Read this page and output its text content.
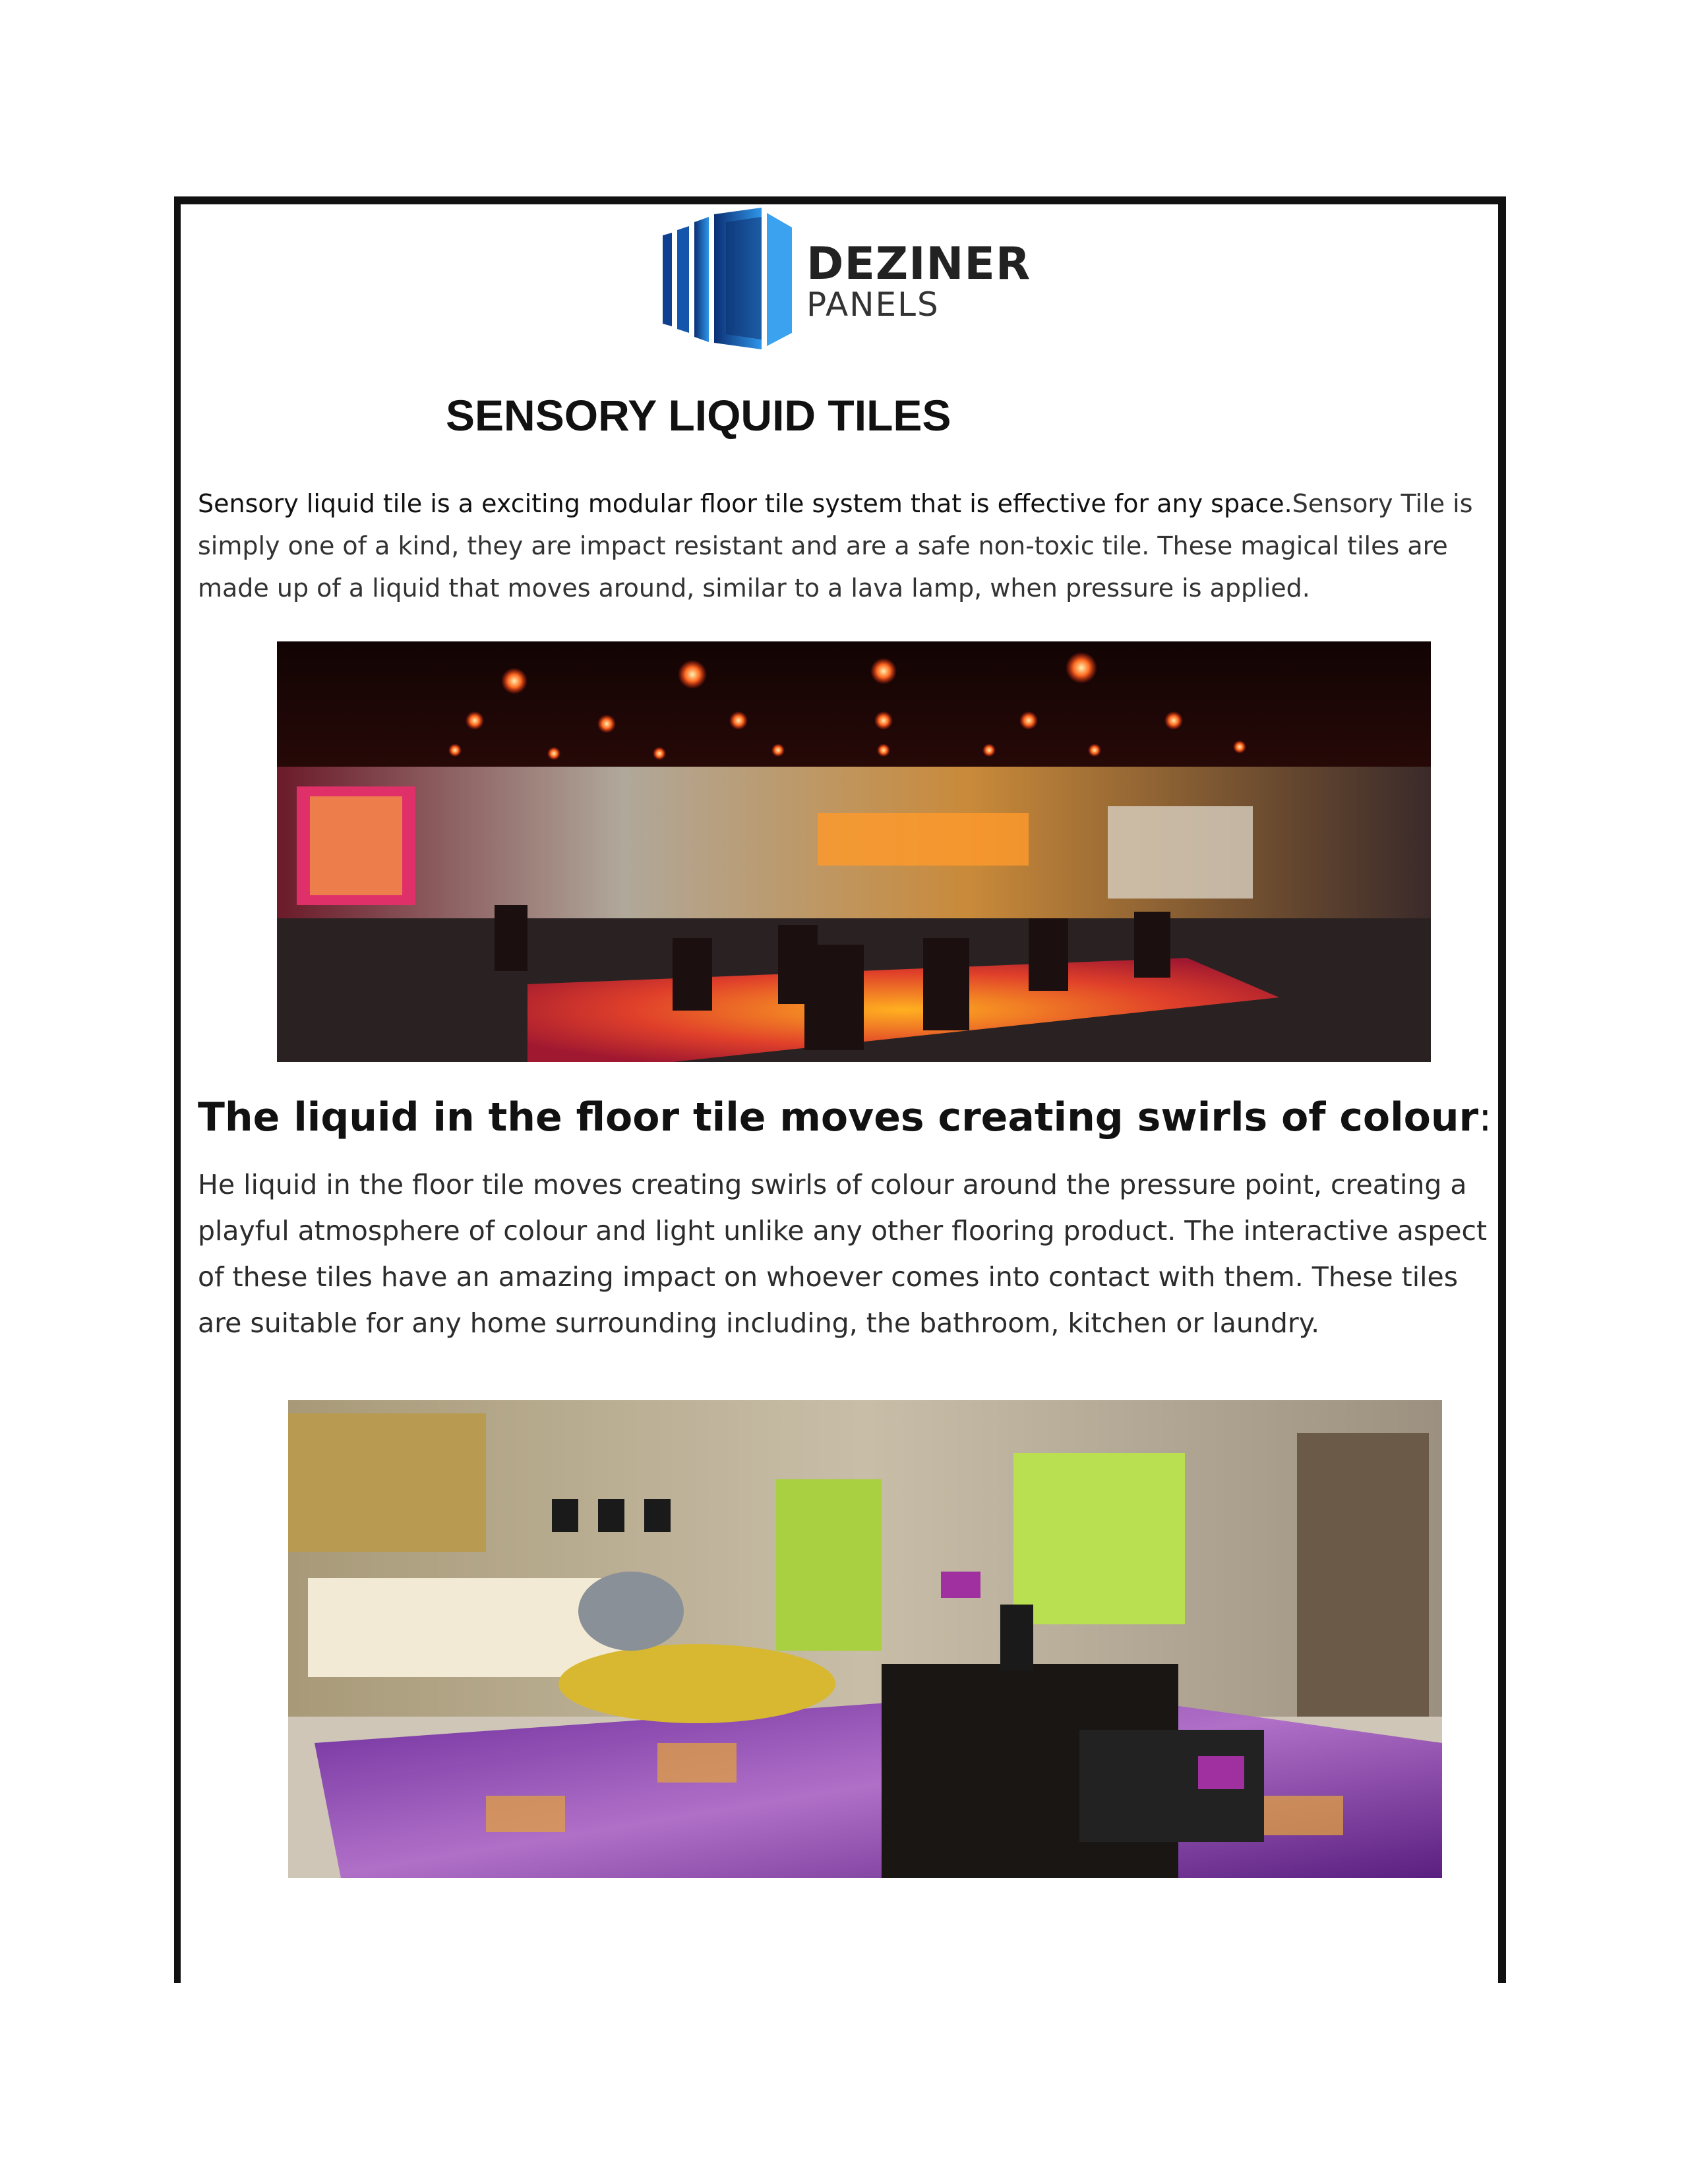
DEZINER
PANELS
SENSORY LIQUID TILES
Sensory liquid tile is a exciting modular floor tile system that is effective for any space.Sensory Tile is simply one of a kind, they are impact resistant and are a safe non-toxic tile. These magical tiles are made up of a liquid that moves around, similar to a lava lamp, when pressure is applied.
The liquid in the floor tile moves creating swirls of colour:
He liquid in the floor tile moves creating swirls of colour around the pressure point, creating a playful atmosphere of colour and light unlike any other flooring product. The interactive aspect of these tiles have an amazing impact on whoever comes into contact with them. These tiles are suitable for any home surrounding including, the bathroom, kitchen or laundry.
